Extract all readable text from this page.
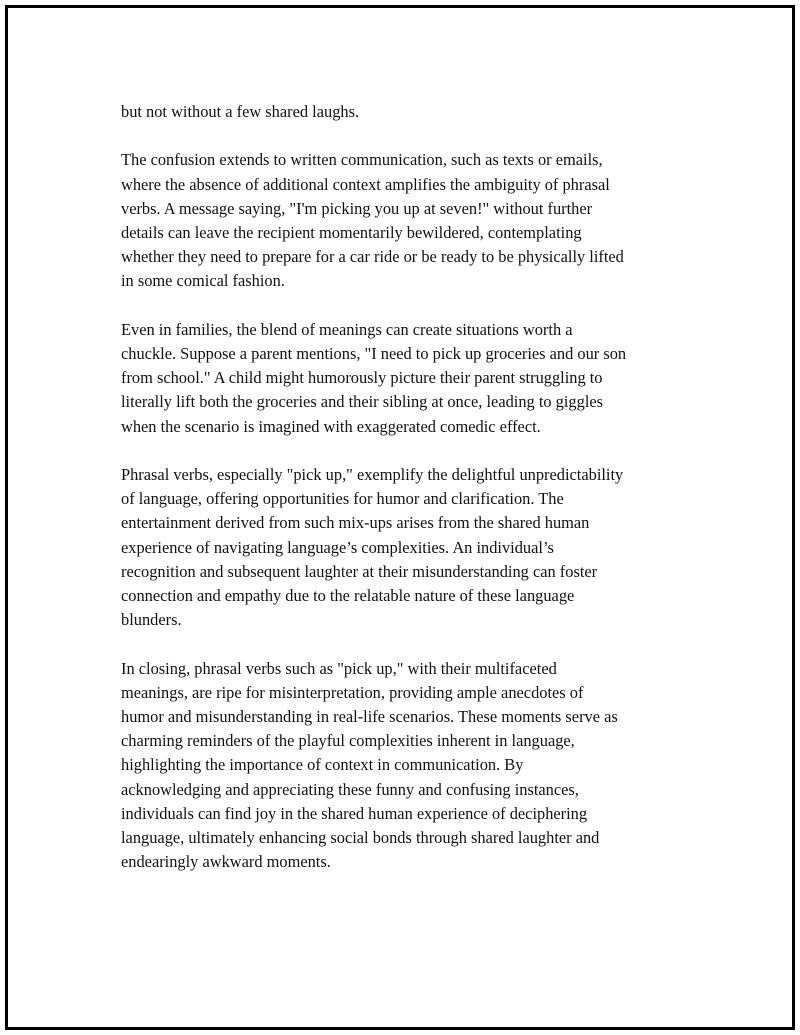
but not without a few shared laughs.

The confusion extends to written communication, such as texts or emails,
where the absence of additional context amplifies the ambiguity of phrasal
verbs. A message saying, "I'm picking you up at seven!" without further
details can leave the recipient momentarily bewildered, contemplating
whether they need to prepare for a car ride or be ready to be physically lifted
in some comical fashion.

Even in families, the blend of meanings can create situations worth a
chuckle. Suppose a parent mentions, "I need to pick up groceries and our son
from school." A child might humorously picture their parent struggling to
literally lift both the groceries and their sibling at once, leading to giggles
when the scenario is imagined with exaggerated comedic effect.

Phrasal verbs, especially "pick up," exemplify the delightful unpredictability
of language, offering opportunities for humor and clarification. The
entertainment derived from such mix-ups arises from the shared human
experience of navigating language’s complexities. An individual’s
recognition and subsequent laughter at their misunderstanding can foster
connection and empathy due to the relatable nature of these language
blunders.

In closing, phrasal verbs such as "pick up," with their multifaceted
meanings, are ripe for misinterpretation, providing ample anecdotes of
humor and misunderstanding in real-life scenarios. These moments serve as
charming reminders of the playful complexities inherent in language,
highlighting the importance of context in communication. By
acknowledging and appreciating these funny and confusing instances,
individuals can find joy in the shared human experience of deciphering
language, ultimately enhancing social bonds through shared laughter and
endearingly awkward moments.
